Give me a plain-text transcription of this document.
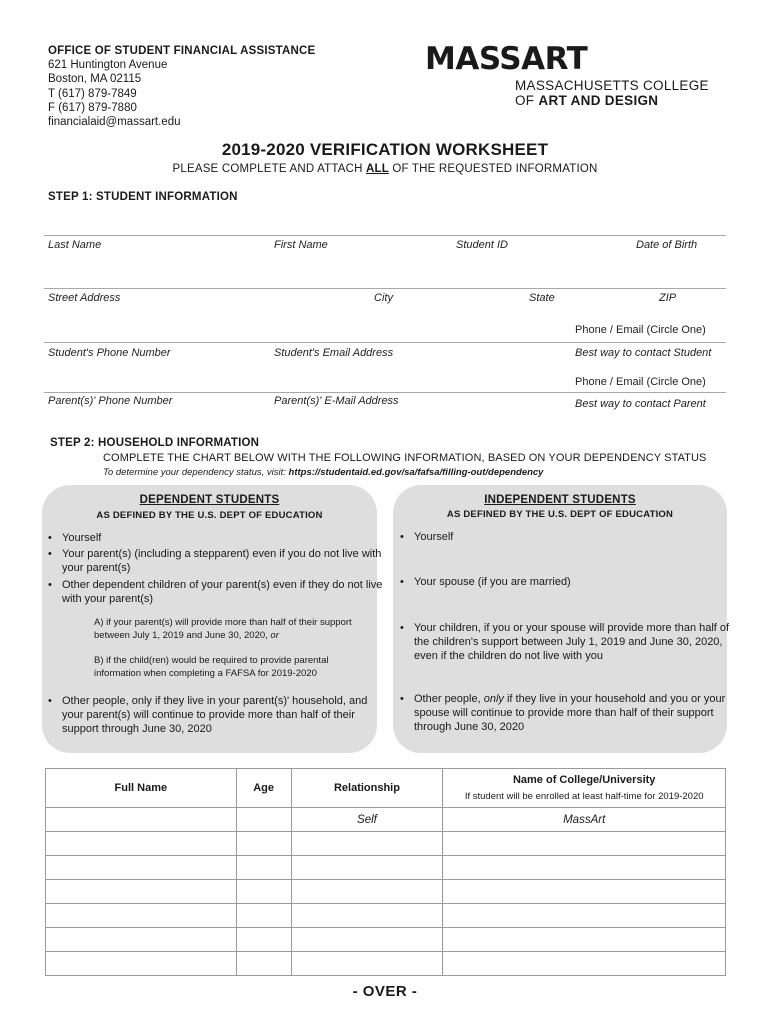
OFFICE OF STUDENT FINANCIAL ASSISTANCE
621 Huntington Avenue
Boston, MA 02115
T (617) 879-7849
F (617) 879-7880
financialaid@massart.edu
MASSART
MASSACHUSETTS COLLEGE
OF ART AND DESIGN
2019-2020 VERIFICATION WORKSHEET
PLEASE COMPLETE AND ATTACH ALL OF THE REQUESTED INFORMATION
STEP 1: STUDENT INFORMATION
Last Name	First Name	Student ID	Date of Birth
Street Address	City	State	ZIP
Phone / Email (Circle One)
Student's Phone Number	Student's Email Address	Best way to contact Student
Phone / Email (Circle One)
Parent(s)' Phone Number	Parent(s)' E-Mail Address	Best way to contact Parent
STEP 2: HOUSEHOLD INFORMATION
COMPLETE THE CHART BELOW WITH THE FOLLOWING INFORMATION, BASED ON YOUR DEPENDENCY STATUS
To determine your dependency status, visit: https://studentaid.ed.gov/sa/fafsa/filling-out/dependency
DEPENDENT STUDENTS
AS DEFINED BY THE U.S. DEPT OF EDUCATION
• Yourself
• Your parent(s) (including a stepparent) even if you do not live with your parent(s)
• Other dependent children of your parent(s) even if they do not live with your parent(s)
A) if your parent(s) will provide more than half of their support between July 1, 2019 and June 30, 2020, or
B) if the child(ren) would be required to provide parental information when completing a FAFSA for 2019-2020
• Other people, only if they live in your parent(s)' household, and your parent(s) will continue to provide more than half of their support through June 30, 2020
INDEPENDENT STUDENTS
AS DEFINED BY THE U.S. DEPT OF EDUCATION
• Yourself
• Your spouse (if you are married)
• Your children, if you or your spouse will provide more than half of the children's support between July 1, 2019 and June 30, 2020, even if the children do not live with you
• Other people, only if they live in your household and you or your spouse will continue to provide more than half of their support through June 30, 2020
Full Name	Age	Relationship	Name of College/University
If student will be enrolled at least half-time for 2019-2020

		Self	MassArt

- OVER -
